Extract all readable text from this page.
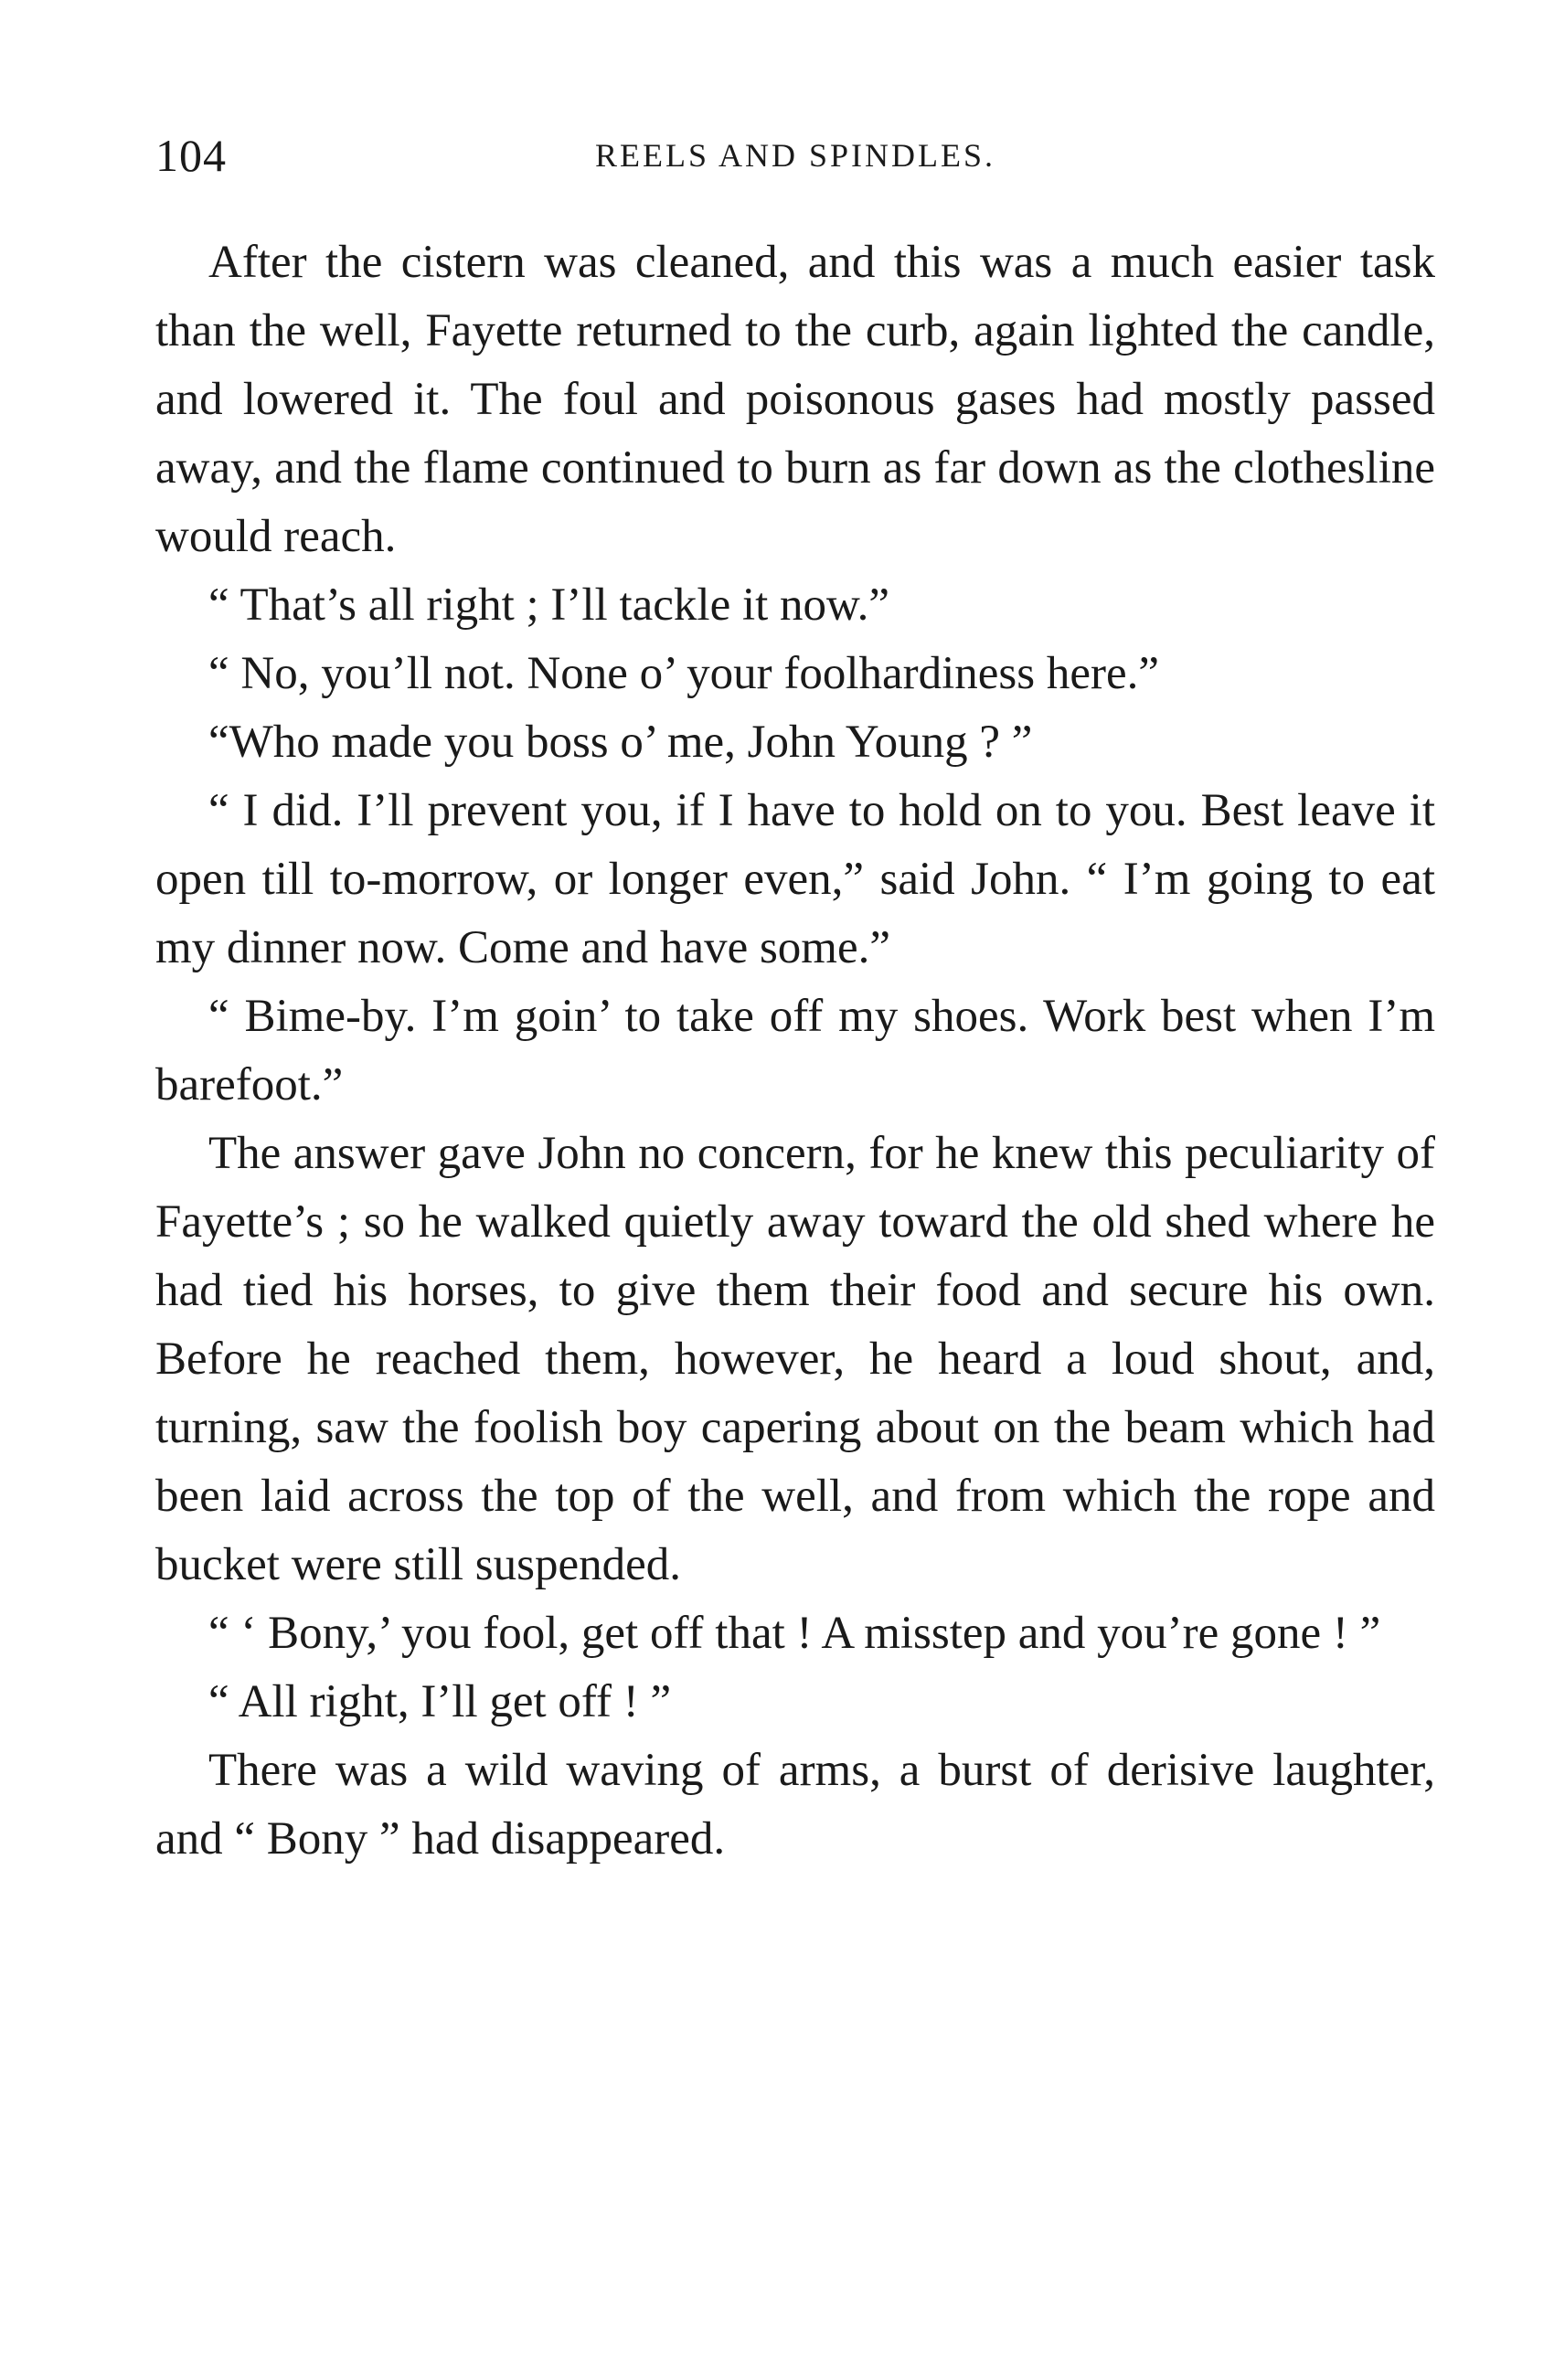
104	REELS AND SPINDLES.

After the cistern was cleaned, and this was a much easier task than the well, Fayette returned to the curb, again lighted the candle, and lowered it. The foul and poisonous gases had mostly passed away, and the flame continued to burn as far down as the clothesline would reach.

“ That’s all right ; I’ll tackle it now.”

“ No, you’ll not. None o’ your foolhardiness here.”

“Who made you boss o’ me, John Young ? ”

“ I did. I’ll prevent you, if I have to hold on to you. Best leave it open till to-morrow, or longer even,” said John. “ I’m going to eat my dinner now. Come and have some.”

“ Bime-by. I’m goin’ to take off my shoes. Work best when I’m barefoot.”

The answer gave John no concern, for he knew this peculiarity of Fayette’s ; so he walked quietly away toward the old shed where he had tied his horses, to give them their food and secure his own. Before he reached them, however, he heard a loud shout, and, turning, saw the foolish boy capering about on the beam which had been laid across the top of the well, and from which the rope and bucket were still suspended.

“ ‘ Bony,’ you fool, get off that ! A misstep and you’re gone ! ”

“ All right, I’ll get off ! ”

There was a wild waving of arms, a burst of derisive laughter, and “ Bony ” had disappeared.
